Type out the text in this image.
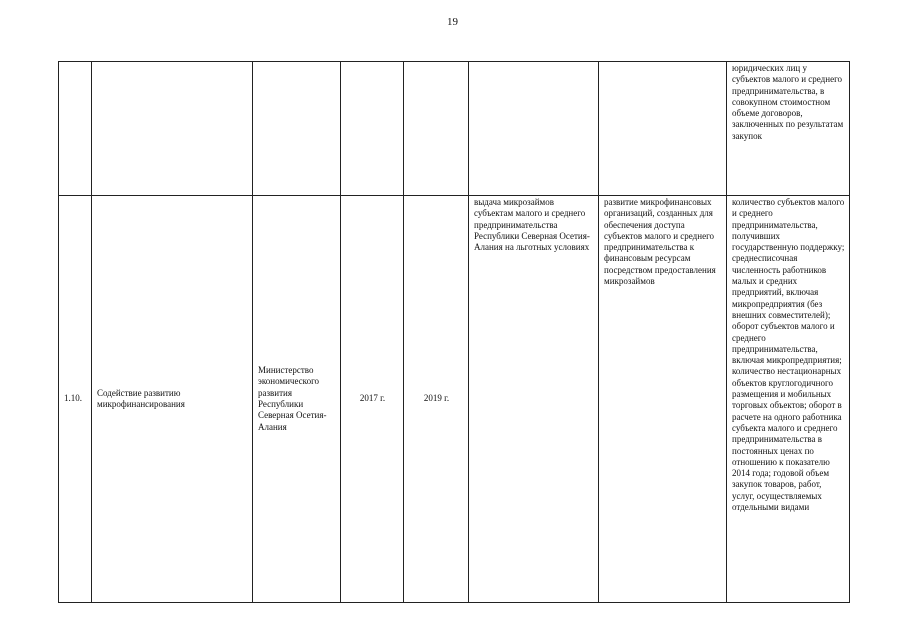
19
							юридических лиц у субъектов малого и среднего предпринимательства, в совокупном стоимостном объеме договоров, заключенных по результатам закупок
1.10.	Содействие развитию микрофинансирования	Министерство экономического развития Республики Северная Осетия-Алания	2017 г.	2019 г.	выдача микрозаймов субъектам малого и среднего предпринимательства Республики Северная Осетия-Алания на льготных условиях	развитие микрофинансовых организаций, созданных для обеспечения доступа субъектов малого и среднего предпринимательства к финансовым ресурсам посредством предоставления микрозаймов	количество субъектов малого и среднего предпринимательства, получивших государственную поддержку; среднесписочная численность работников малых и средних предприятий, включая микропредприятия (без внешних совместителей); оборот субъектов малого и среднего предпринимательства, включая микропредприятия; количество нестационарных объектов круглогодичного размещения и мобильных торговых объектов; оборот в расчете на одного работника субъекта малого и среднего предпринимательства в постоянных ценах по отношению к показателю 2014 года; годовой объем закупок товаров, работ, услуг, осуществляемых отдельными видами
